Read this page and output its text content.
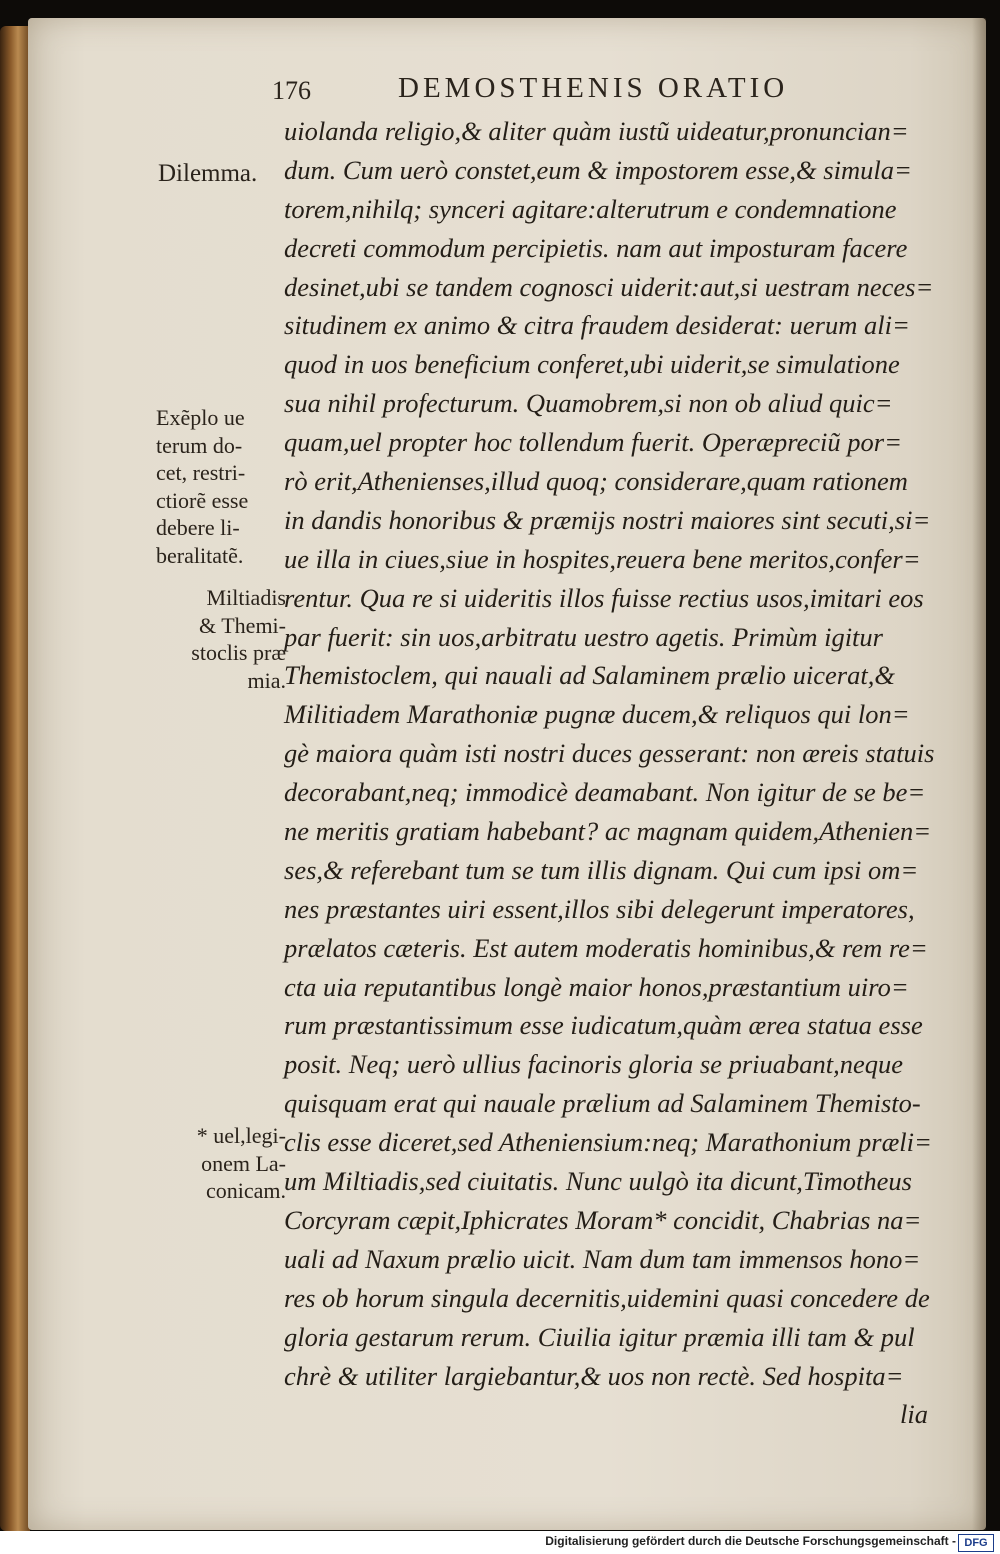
176	DEMOSTHENIS ORATIO
Dilemma.
Exẽplo ue
terum do-
cet, restri-
ctiorẽ esse
debere li-
beralitatẽ.
Miltiadis
& Themi-
stoclis præ
mia.
* uel,legi-
onem La-
conicam.
uiolanda religio,& aliter quàm iustũ uideatur,pronuncian=
dum. Cum uerò constet,eum & impostorem esse,& simula=
torem,nihilq; synceri agitare:alterutrum e condemnatione
decreti commodum percipietis. nam aut imposturam facere
desinet,ubi se tandem cognosci uiderit:aut,si uestram neces=
situdinem ex animo & citra fraudem desiderat: uerum ali=
quod in uos beneficium conferet,ubi uiderit,se simulatione
sua nihil profecturum. Quamobrem,si non ob aliud quic=
quam,uel propter hoc tollendum fuerit. Operæpreciũ por=
rò erit,Athenienses,illud quoq; considerare,quam rationem
in dandis honoribus & præmijs nostri maiores sint secuti,si=
ue illa in ciues,siue in hospites,reuera bene meritos,confer=
rentur. Qua re si uideritis illos fuisse rectius usos,imitari eos
par fuerit: sin uos,arbitratu uestro agetis. Primùm igitur
Themistoclem, qui nauali ad Salaminem prælio uicerat,&
Militiadem Marathoniæ pugnæ ducem,& reliquos qui lon=
gè maiora quàm isti nostri duces gesserant: non æreis statuis
decorabant,neq; immodicè deamabant. Non igitur de se be=
ne meritis gratiam habebant? ac magnam quidem,Athenien=
ses,& referebant tum se tum illis dignam. Qui cum ipsi om=
nes præstantes uiri essent,illos sibi delegerunt imperatores,
prælatos cæteris. Est autem moderatis hominibus,& rem re=
cta uia reputantibus longè maior honos,præstantium uiro=
rum præstantissimum esse iudicatum,quàm ærea statua esse
posit. Neq; uerò ullius facinoris gloria se priuabant,neque
quisquam erat qui nauale prælium ad Salaminem Themisto-
clis esse diceret,sed Atheniensium:neq; Marathonium præli=
um Miltiadis,sed ciuitatis. Nunc uulgò ita dicunt,Timotheus
Corcyram cæpit,Iphicrates Moram* concidit, Chabrias na=
uali ad Naxum prælio uicit. Nam dum tam immensos hono=
res ob horum singula decernitis,uidemini quasi concedere de
gloria gestarum rerum. Ciuilia igitur præmia illi tam & pul
chrè & utiliter largiebantur,& uos non rectè. Sed hospita=
lia
Digitalisierung gefördert durch die Deutsche Forschungsgemeinschaft - DFG
